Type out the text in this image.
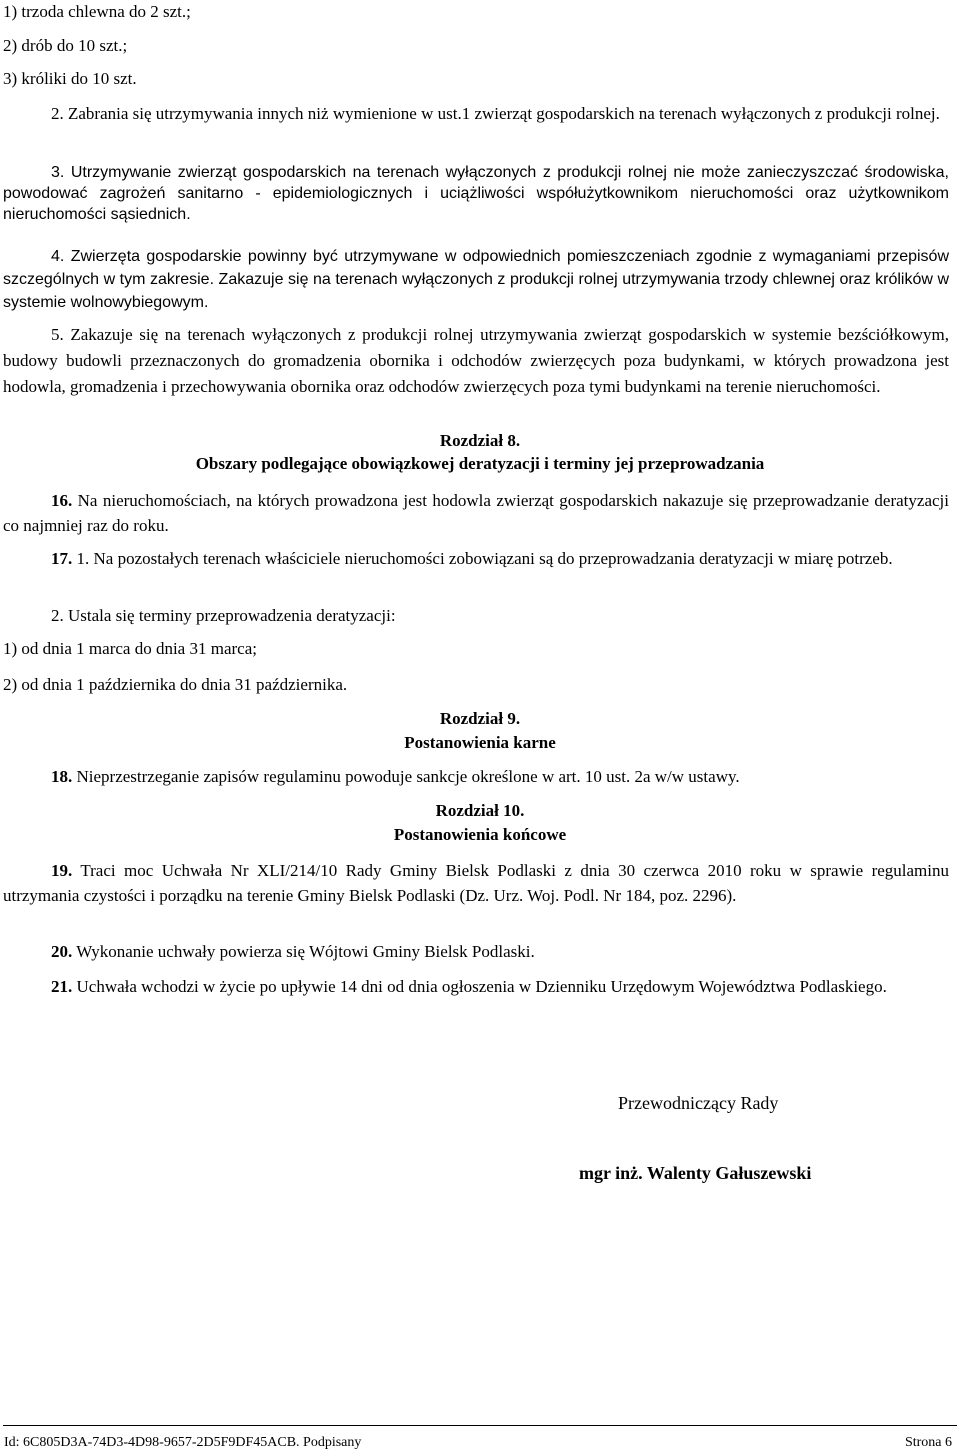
1) trzoda chlewna do 2 szt.;
2) drób do 10 szt.;
3) króliki do 10 szt.
2. Zabrania się utrzymywania innych niż wymienione w ust.1 zwierząt gospodarskich na terenach wyłączonych z produkcji rolnej.
3. Utrzymywanie zwierząt gospodarskich na terenach wyłączonych z produkcji rolnej nie może zanieczyszczać środowiska, powodować zagrożeń sanitarno - epidemiologicznych i uciążliwości współużytkownikom nieruchomości oraz użytkownikom nieruchomości sąsiednich.
4. Zwierzęta gospodarskie powinny być utrzymywane w odpowiednich pomieszczeniach zgodnie z wymaganiami przepisów szczególnych w tym zakresie. Zakazuje się na terenach wyłączonych z produkcji rolnej utrzymywania trzody chlewnej oraz królików w systemie wolnowybiegowym.
5. Zakazuje się na terenach wyłączonych z produkcji rolnej utrzymywania zwierząt gospodarskich w systemie bezściółkowym, budowy budowli przeznaczonych do gromadzenia obornika i odchodów zwierzęcych poza budynkami, w których prowadzona jest hodowla, gromadzenia i przechowywania obornika oraz odchodów zwierzęcych poza tymi budynkami na terenie nieruchomości.
Rozdział 8.
Obszary podlegające obowiązkowej deratyzacji i terminy jej przeprowadzania
16. Na nieruchomościach, na których prowadzona jest hodowla zwierząt gospodarskich nakazuje się przeprowadzanie deratyzacji co najmniej raz do roku.
17. 1. Na pozostałych terenach właściciele nieruchomości zobowiązani są do przeprowadzania deratyzacji w miarę potrzeb.
2. Ustala się terminy przeprowadzenia deratyzacji:
1) od dnia 1 marca do dnia 31 marca;
2) od dnia 1 października do dnia 31 października.
Rozdział 9.
Postanowienia karne
18. Nieprzestrzeganie zapisów regulaminu powoduje sankcje określone w art. 10 ust. 2a w/w ustawy.
Rozdział 10.
Postanowienia końcowe
19. Traci moc Uchwała Nr XLI/214/10 Rady Gminy Bielsk Podlaski z dnia 30 czerwca 2010 roku w sprawie regulaminu utrzymania czystości i porządku na terenie Gminy Bielsk Podlaski (Dz. Urz. Woj. Podl. Nr 184, poz. 2296).
20. Wykonanie uchwały powierza się Wójtowi Gminy Bielsk Podlaski.
21. Uchwała wchodzi w życie po upływie 14 dni od dnia ogłoszenia w Dzienniku Urzędowym Województwa Podlaskiego.
Przewodniczący Rady
mgr inż. Walenty Gałuszewski
Id: 6C805D3A-74D3-4D98-9657-2D5F9DF45ACB. Podpisany	Strona 6
